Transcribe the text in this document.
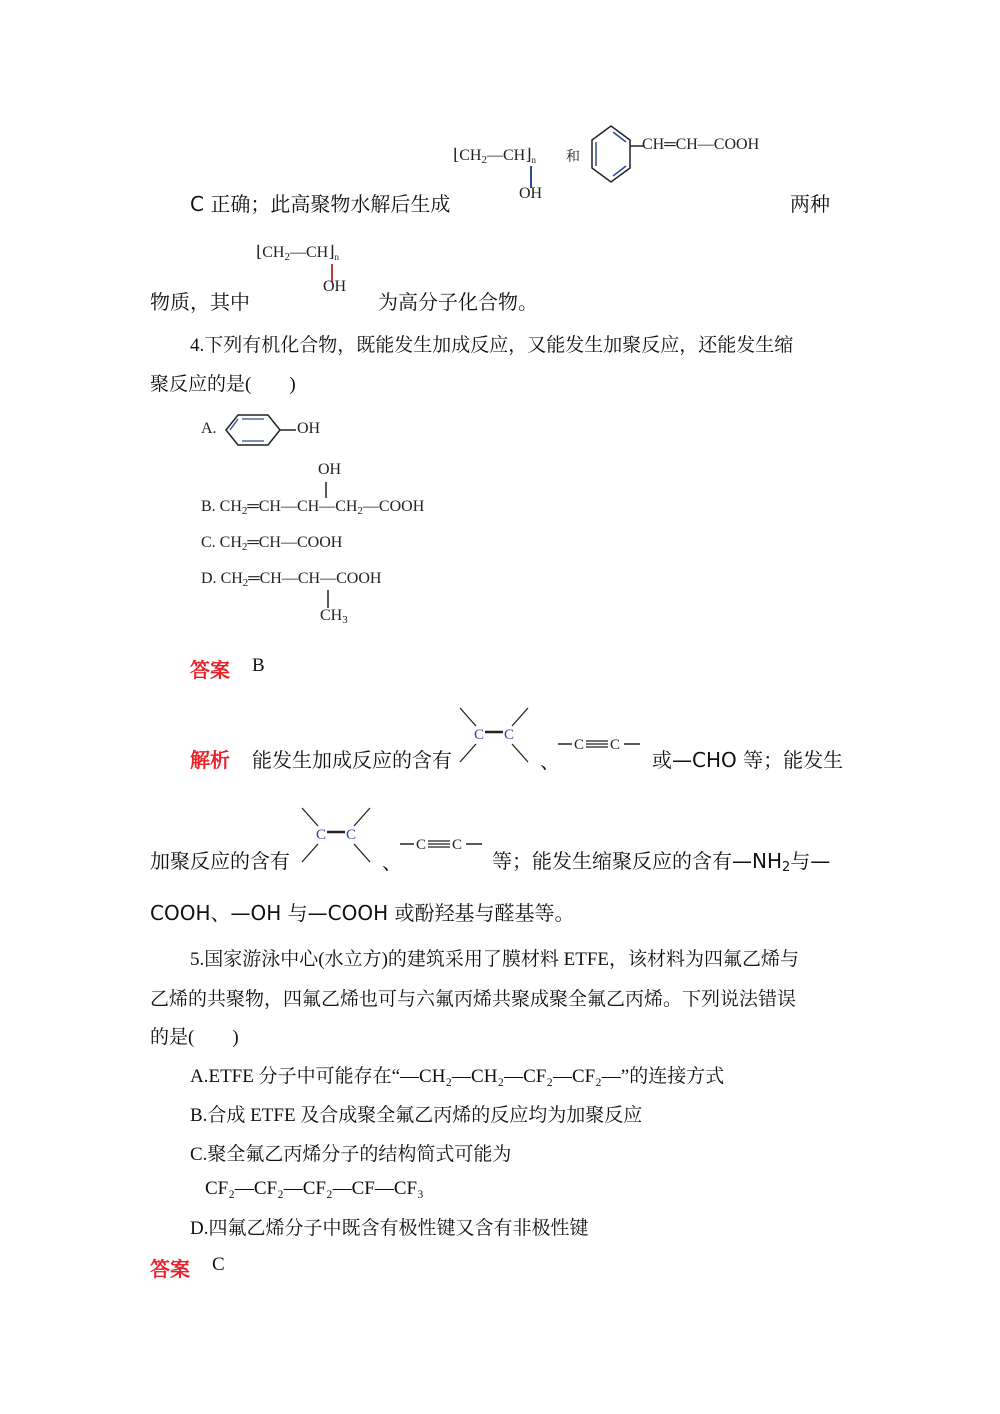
C 正确；此高聚物水解后生成	两种
$⌊CH_2—CH⌋_n$
OH
和
CH═CH—COOH
物质，其中	为高分子化合物。
$⌊CH_2—CH⌋_n$
OH
4.下列有机化合物，既能发生加成反应，又能发生加聚反应，还能发生缩
聚反应的是(　　)
A.	OH
OH
B. $CH_2═CH—CH—CH_2—COOH$
C. $CH_2═CH—COOH$
D. $CH_2═CH—CH—COOH$
$CH_3$
答案 B
解析 能发生加成反应的含有
C C
、
C C
或—CHO 等；能发生
加聚反应的含有
C C
、
C C
等；能发生缩聚反应的含有$—NH_2$与—
COOH、—OH 与—COOH 或酚羟基与醛基等。
5.国家游泳中心(水立方)的建筑采用了膜材料 ETFE，该材料为四氟乙烯与
乙烯的共聚物，四氟乙烯也可与六氟丙烯共聚成聚全氟乙丙烯。下列说法错误
的是(　　)
A.ETFE 分子中可能存在“—CH₂—CH₂—CF₂—CF₂—”的连接方式
B.合成 ETFE 及合成聚全氟乙丙烯的反应均为加聚反应
C.聚全氟乙丙烯分子的结构简式可能为
CF₂—CF₂—CF₂—CF—CF₃
D.四氟乙烯分子中既含有极性键又含有非极性键
答案 C
